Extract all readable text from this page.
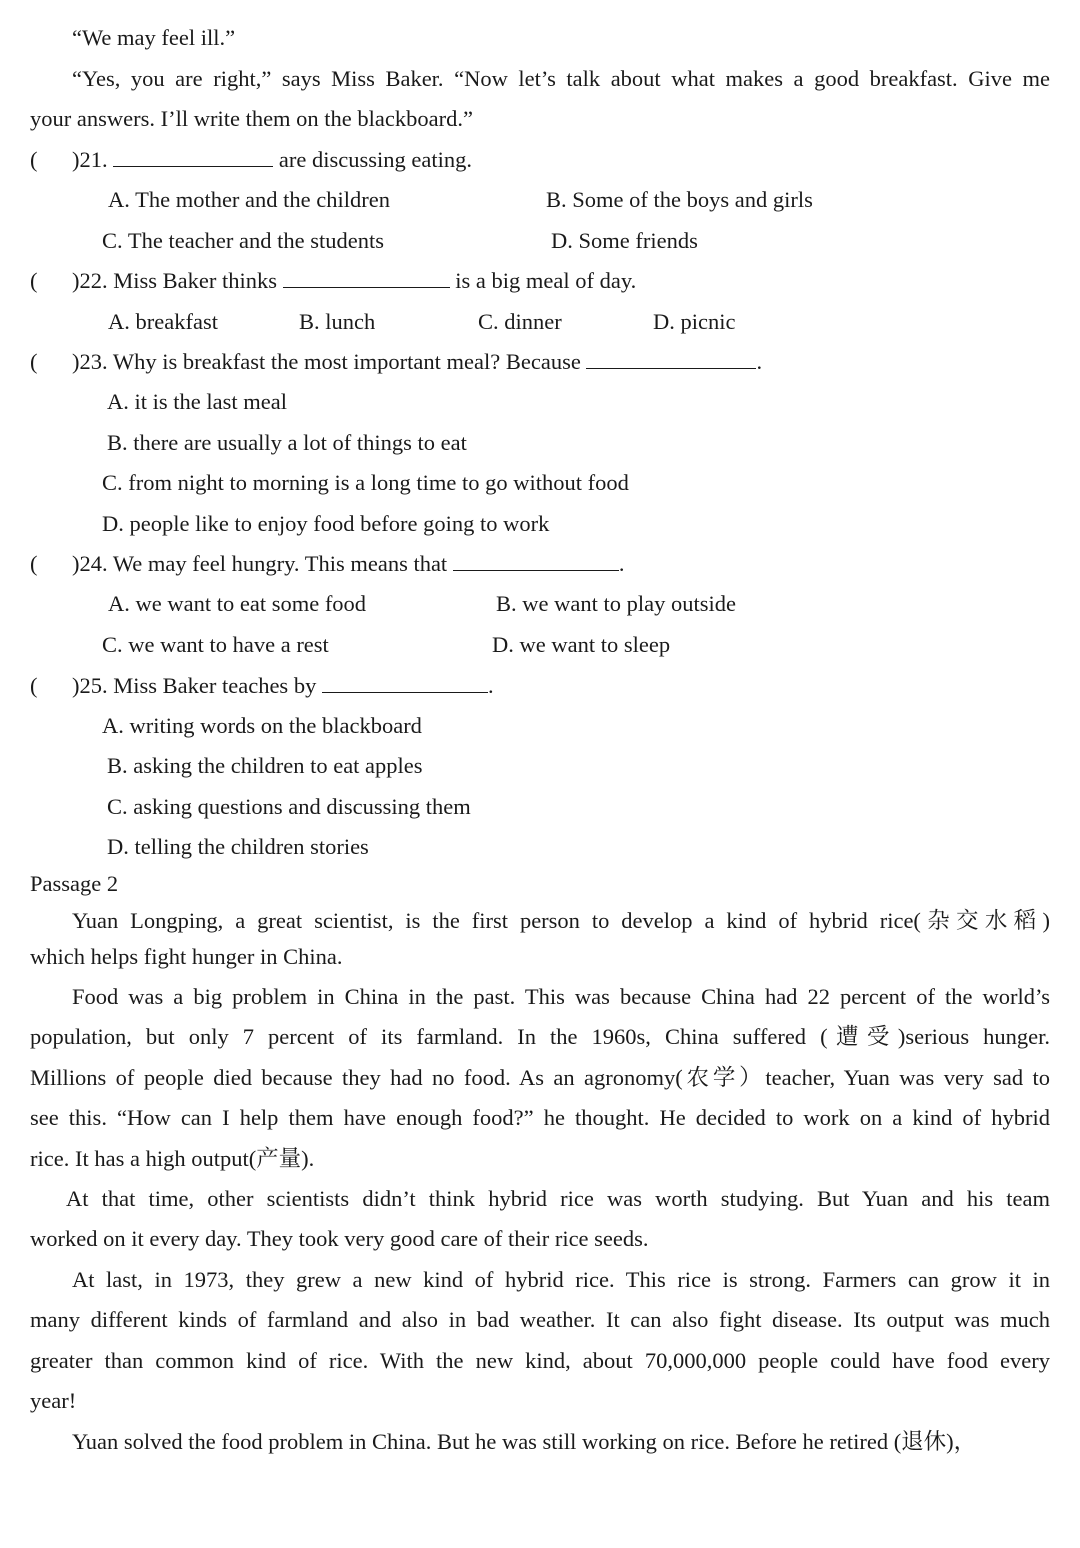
“We may feel ill.”
“Yes, you are right,” says Miss Baker. “Now let’s talk about what makes a good breakfast. Give me
your answers. I’ll write them on the blackboard.”
( )21.	are discussing eating.
A. The mother and the children	B. Some of the boys and girls
C. The teacher and the students	D. Some friends
( )22. Miss Baker thinks	is a big meal of day.
A. breakfast	B. lunch	C. dinner	D. picnic
( )23. Why is breakfast the most important meal? Because	.
A. it is the last meal
B. there are usually a lot of things to eat
C. from night to morning is a long time to go without food
D. people like to enjoy food before going to work
( )24. We may feel hungry. This means that	.
A. we want to eat some food	B. we want to play outside
C. we want to have a rest	D. we want to sleep
( )25. Miss Baker teaches by	.
A. writing words on the blackboard
B. asking the children to eat apples
C. asking questions and discussing them
D. telling the children stories
Passage 2
Yuan Longping, a great scientist, is the first person to develop a kind of hybrid rice(杂交水稻)
which helps fight hunger in China.
Food was a big problem in China in the past. This was because China had 22 percent of the world’s
population, but only 7 percent of its farmland. In the 1960s, China suffered (遭受)serious hunger.
Millions of people died because they had no food. As an agronomy(农学）teacher, Yuan was very sad to
see this. “How can I help them have enough food?” he thought. He decided to work on a kind of hybrid
rice. It has a high output(产量).
At that time, other scientists didn’t think hybrid rice was worth studying. But Yuan and his team
worked on it every day. They took very good care of their rice seeds.
At last, in 1973, they grew a new kind of hybrid rice. This rice is strong. Farmers can grow it in
many different kinds of farmland and also in bad weather. It can also fight disease. Its output was much
greater than common kind of rice. With the new kind, about 70,000,000 people could have food every
year!
Yuan solved the food problem in China. But he was still working on rice. Before he retired (退休)，
